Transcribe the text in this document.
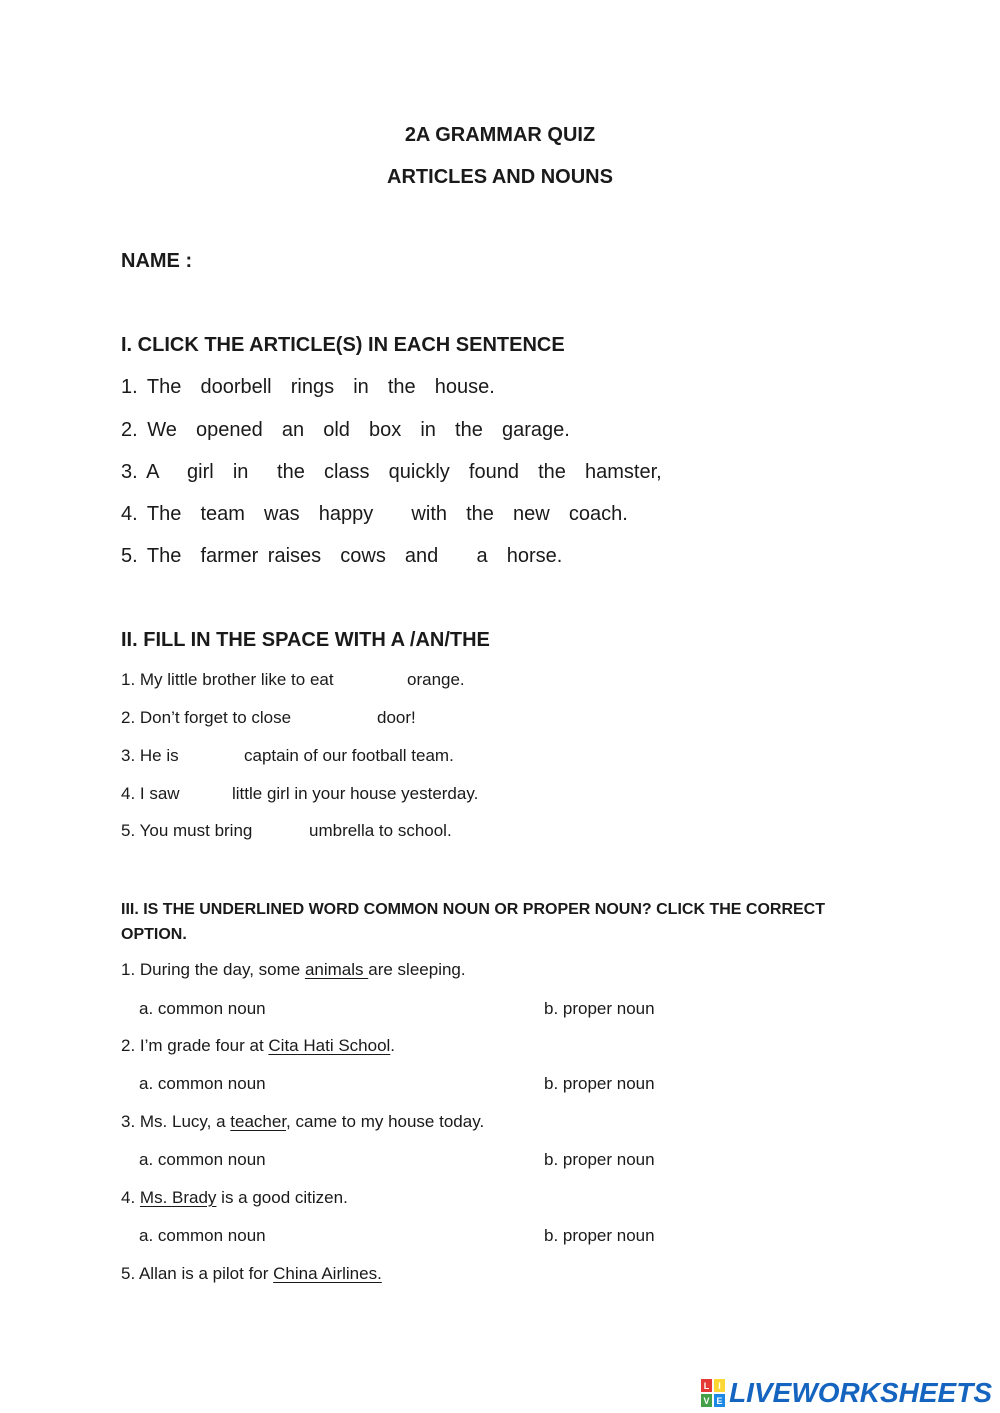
2A GRAMMAR QUIZ
ARTICLES AND NOUNS
NAME :
I. CLICK THE ARTICLE(S) IN EACH SENTENCE
1. The  doorbell  rings  in  the  house.
2. We  opened  an  old  box  in  the  garage.
3. A   girl  in   the  class  quickly  found  the  hamster,
4. The  team  was  happy    with  the  new  coach.
5. The  farmer raises  cows  and    a  horse.
II. FILL IN THE SPACE WITH A /AN/THE
1. My little brother like to eat	orange.
2. Don’t forget to close	door!
3. He is	captain of our football team.
4. I saw	little girl in your house yesterday.
5. You must bring	umbrella to school.
III. IS THE UNDERLINED WORD COMMON NOUN OR PROPER NOUN? CLICK THE CORRECT OPTION.
1. During the day, some animals are sleeping.
a. common noun	b. proper noun
2. I’m grade four at Cita Hati School.
a. common noun	b. proper noun
3. Ms. Lucy, a teacher, came to my house today.
a. common noun	b. proper noun
4. Ms. Brady is a good citizen.
a. common noun	b. proper noun
5. Allan is a pilot for China Airlines.
L I
V E LIVEWORKSHEETS
